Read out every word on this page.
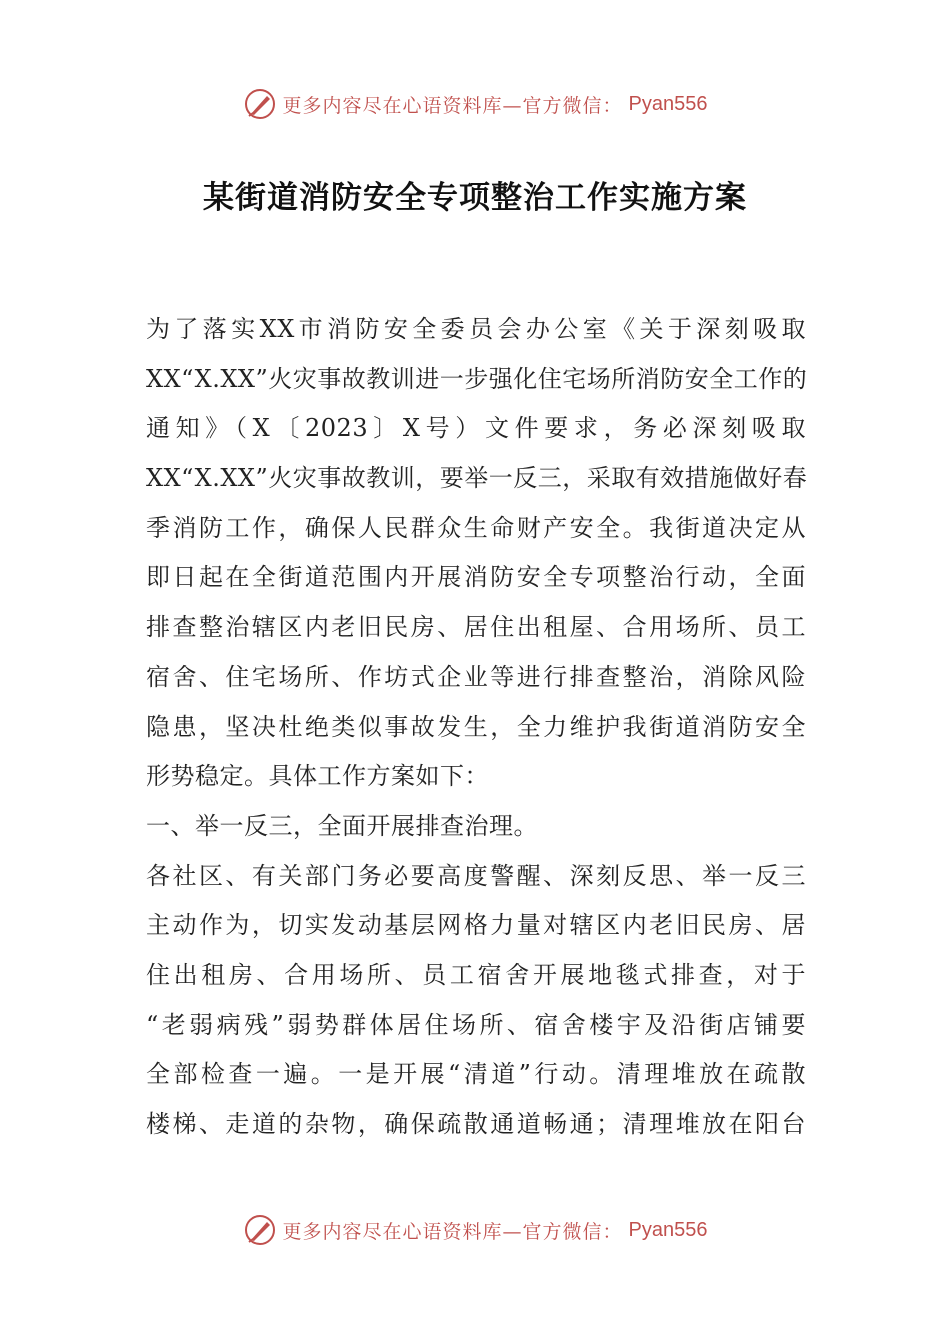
更多内容尽在心语资料库—官方微信： Pyan556
某街道消防安全专项整治工作实施方案
为了落实XX市消防安全委员会办公室《关于深刻吸取
XX“X.XX”火灾事故教训进一步强化住宅场所消防安全工作的
通知》（X〔2023〕X号）文件要求，务必深刻吸取
XX“X.XX”火灾事故教训，要举一反三，采取有效措施做好春
季消防工作，确保人民群众生命财产安全。我街道决定从
即日起在全街道范围内开展消防安全专项整治行动，全面
排查整治辖区内老旧民房、居住出租屋、合用场所、员工
宿舍、住宅场所、作坊式企业等进行排查整治，消除风险
隐患，坚决杜绝类似事故发生，全力维护我街道消防安全
形势稳定。具体工作方案如下：
一、举一反三，全面开展排查治理。
各社区、有关部门务必要高度警醒、深刻反思、举一反三
主动作为，切实发动基层网格力量对辖区内老旧民房、居
住出租房、合用场所、员工宿舍开展地毯式排查，对于
“老弱病残”弱势群体居住场所、宿舍楼宇及沿街店铺要
全部检查一遍。一是开展“清道”行动。清理堆放在疏散
楼梯、走道的杂物，确保疏散通道畅通；清理堆放在阳台
更多内容尽在心语资料库—官方微信： Pyan556
